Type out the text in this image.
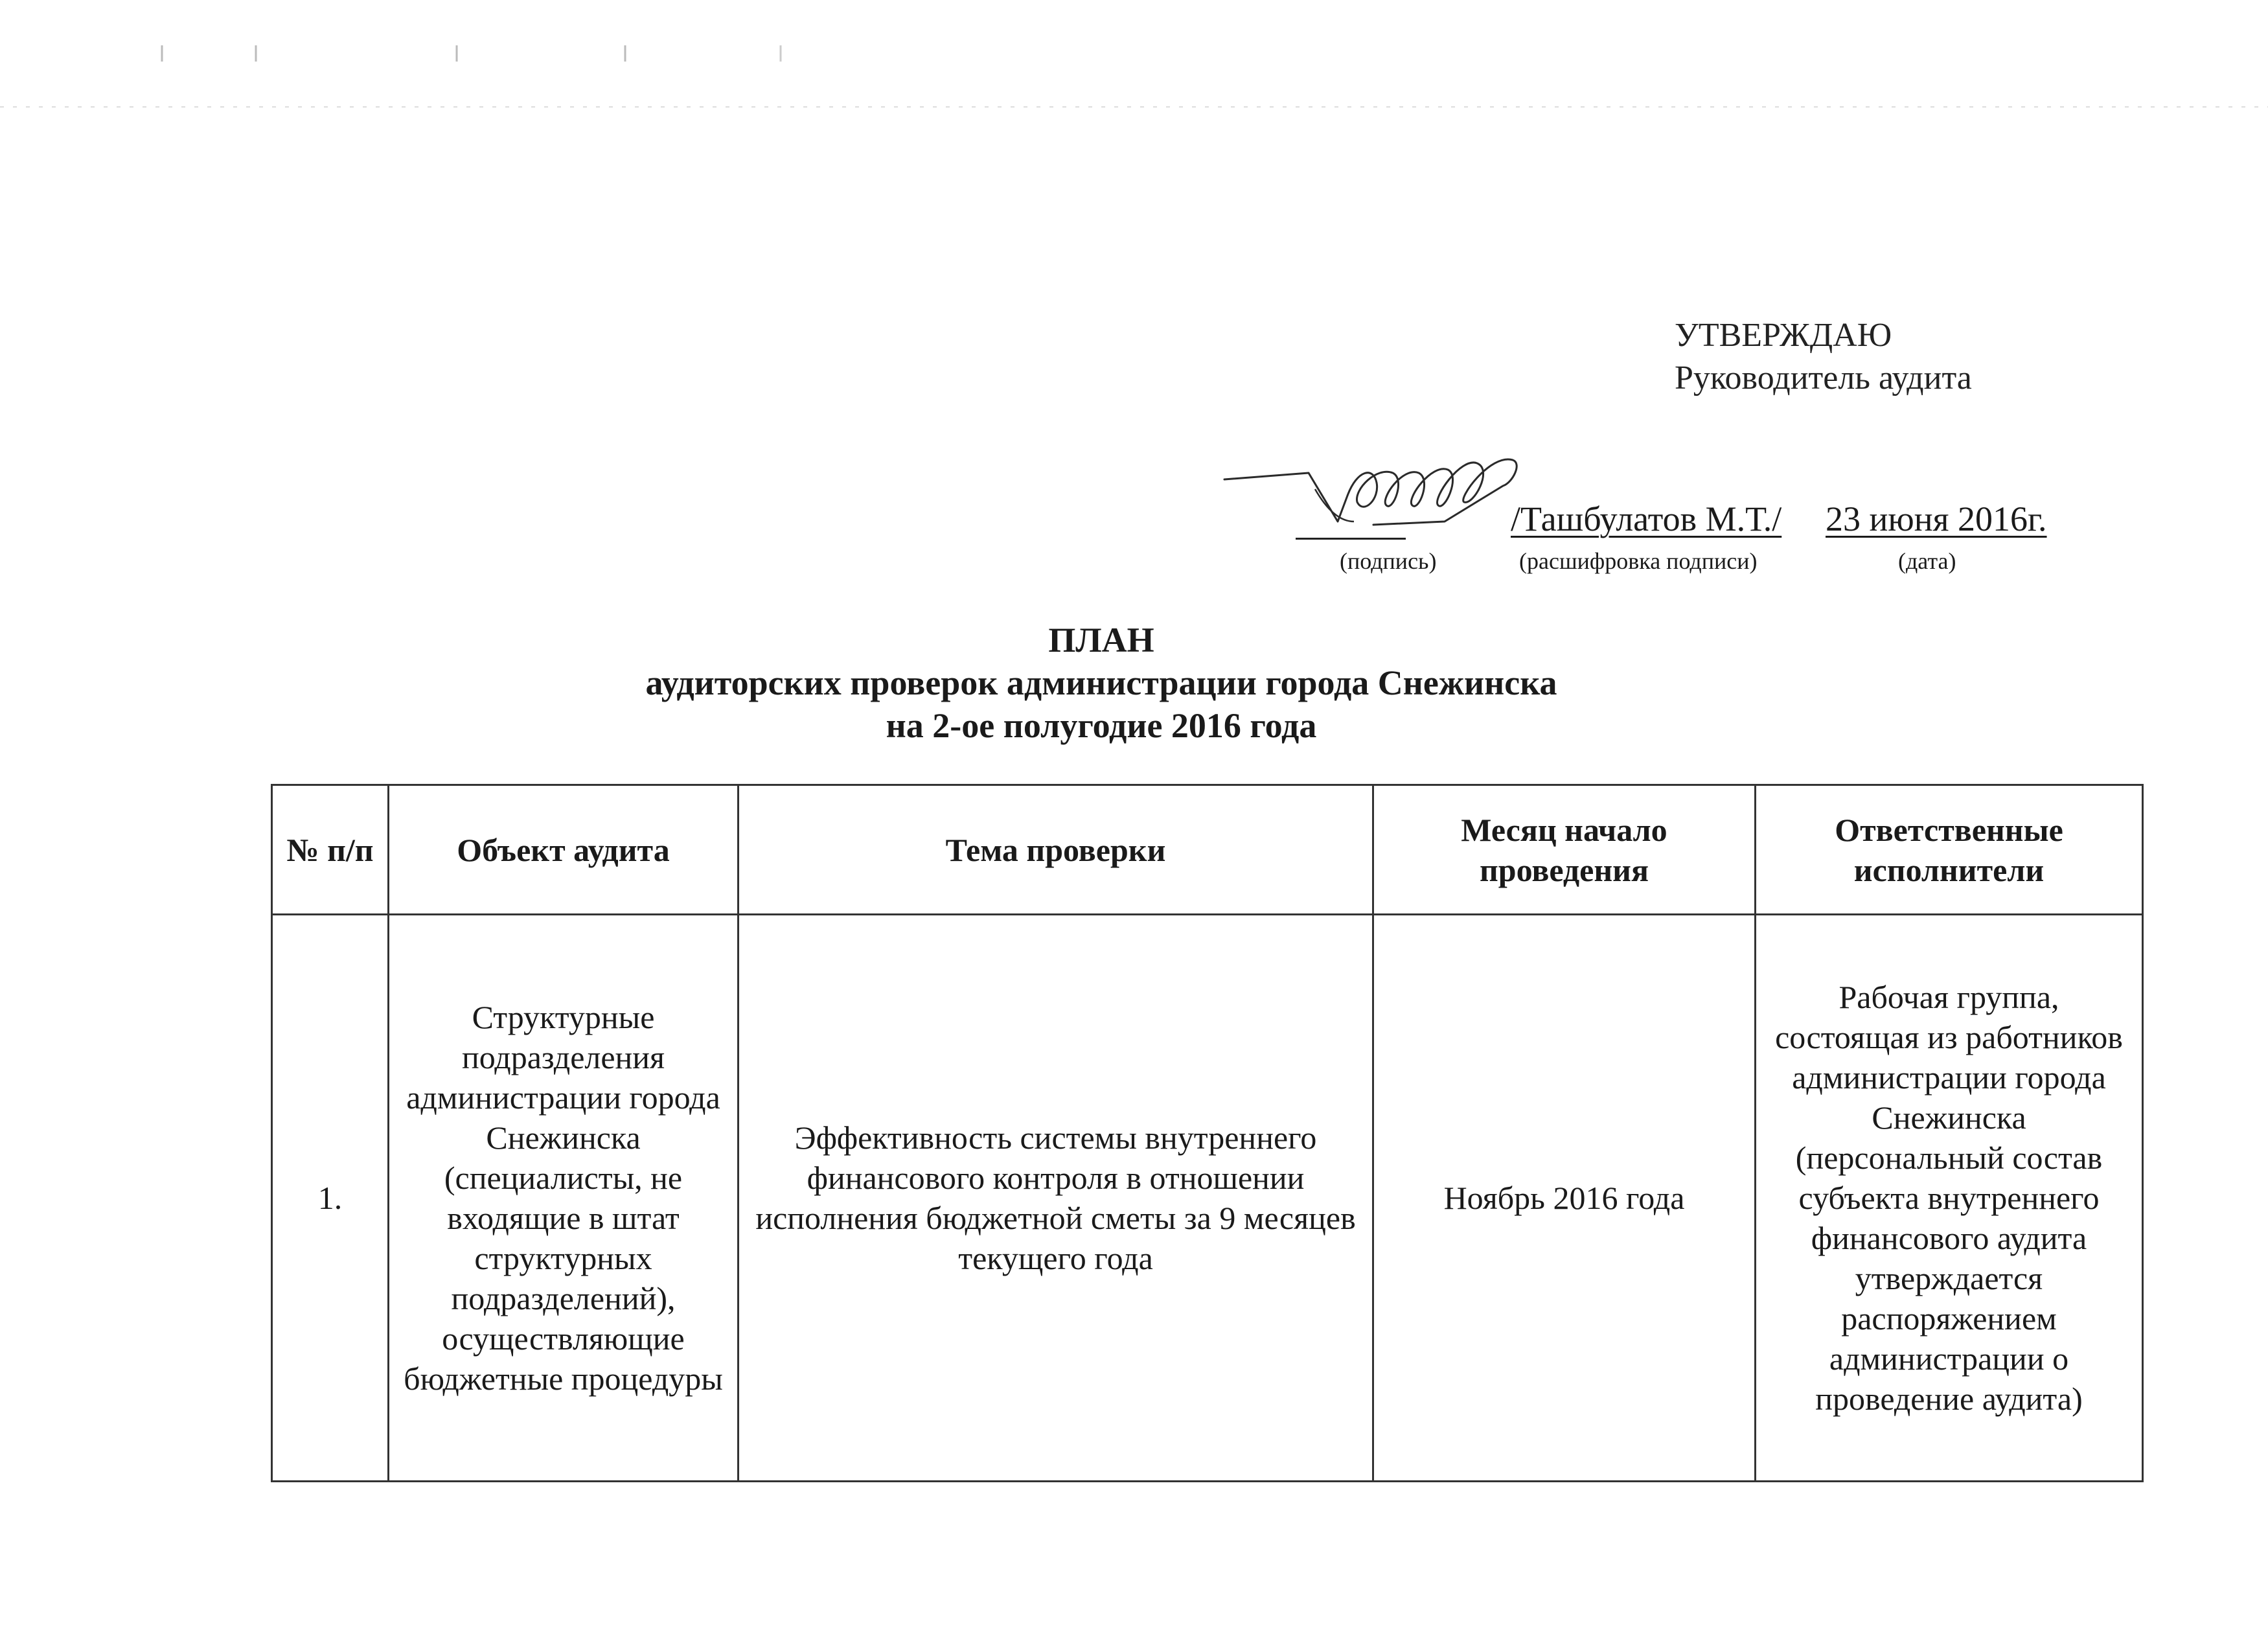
УТВЕРЖДАЮ
Руководитель аудита
/Ташбулатов М.Т./ 23 июня 2016г.
(подпись)	(расшифровка подписи)	(дата)
ПЛАН
аудиторских проверок администрации города Снежинска
на 2-ое полугодие 2016 года
№ п/п	Объект аудита	Тема проверки	Месяц начало проведения	Ответственные исполнители
1.	Структурные подразделения администрации города Снежинска (специалисты, не входящие в штат структурных подразделений), осуществляющие бюджетные процедуры	Эффективность системы внутреннего финансового контроля в отношении исполнения бюджетной сметы за 9 месяцев текущего года	Ноябрь 2016 года	Рабочая группа, состоящая из работников администрации города Снежинска (персональный состав субъекта внутреннего финансового аудита утверждается распоряжением администрации о проведение аудита)
